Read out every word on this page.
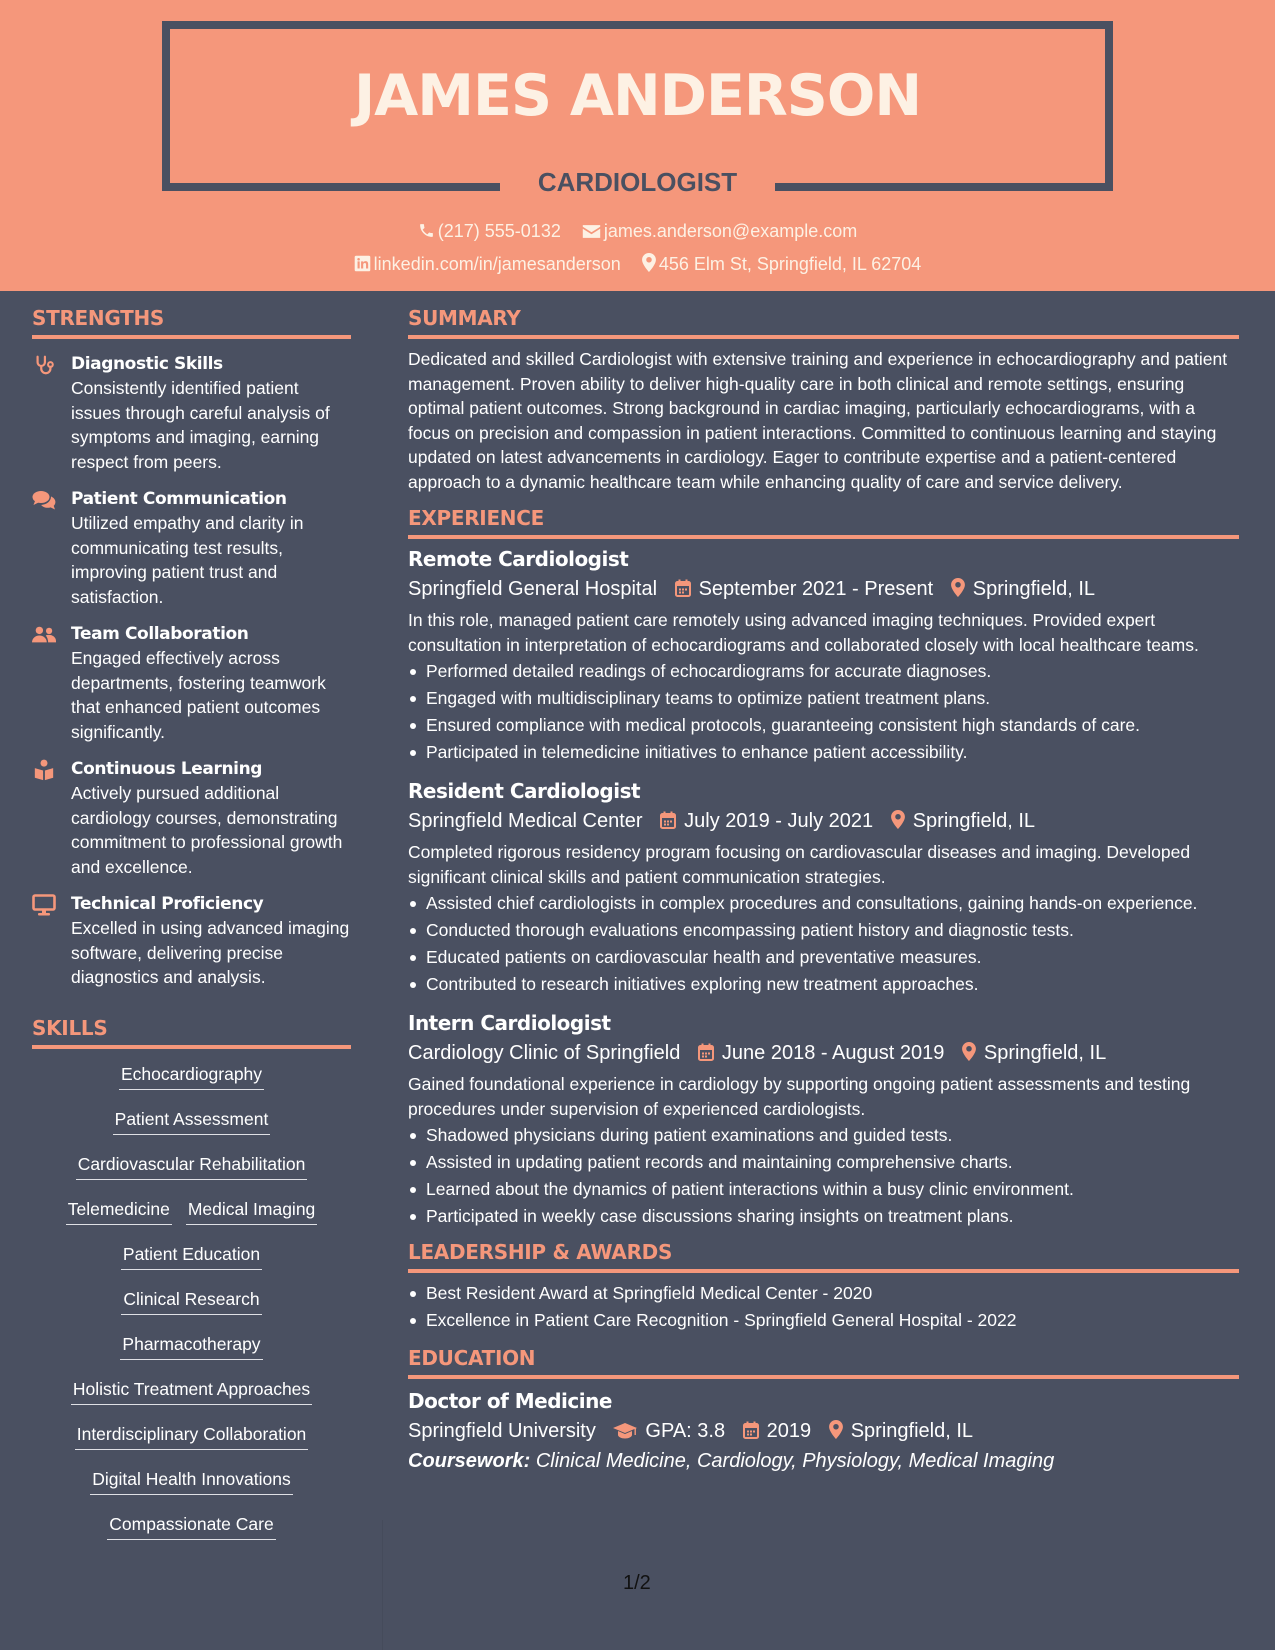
JAMES ANDERSON
CARDIOLOGIST
(217) 555-0132 james.anderson@example.com
linkedin.com/in/jamesanderson 456 Elm St, Springfield, IL 62704
STRENGTHS
Diagnostic Skills
Consistently identified patient issues through careful analysis of symptoms and imaging, earning respect from peers.
Patient Communication
Utilized empathy and clarity in communicating test results, improving patient trust and satisfaction.
Team Collaboration
Engaged effectively across departments, fostering teamwork that enhanced patient outcomes significantly.
Continuous Learning
Actively pursued additional cardiology courses, demonstrating commitment to professional growth and excellence.
Technical Proficiency
Excelled in using advanced imaging software, delivering precise diagnostics and analysis.
SKILLS
Echocardiography
Patient Assessment
Cardiovascular Rehabilitation
Telemedicine Medical Imaging
Patient Education
Clinical Research
Pharmacotherapy
Holistic Treatment Approaches
Interdisciplinary Collaboration
Digital Health Innovations
Compassionate Care
SUMMARY
Dedicated and skilled Cardiologist with extensive training and experience in echocardiography and patient management. Proven ability to deliver high-quality care in both clinical and remote settings, ensuring optimal patient outcomes. Strong background in cardiac imaging, particularly echocardiograms, with a focus on precision and compassion in patient interactions. Committed to continuous learning and staying updated on latest advancements in cardiology. Eager to contribute expertise and a patient-centered approach to a dynamic healthcare team while enhancing quality of care and service delivery.
EXPERIENCE
Remote Cardiologist
Springfield General Hospital September 2021 - Present Springfield, IL
In this role, managed patient care remotely using advanced imaging techniques. Provided expert consultation in interpretation of echocardiograms and collaborated closely with local healthcare teams.
Performed detailed readings of echocardiograms for accurate diagnoses.
Engaged with multidisciplinary teams to optimize patient treatment plans.
Ensured compliance with medical protocols, guaranteeing consistent high standards of care.
Participated in telemedicine initiatives to enhance patient accessibility.
Resident Cardiologist
Springfield Medical Center July 2019 - July 2021 Springfield, IL
Completed rigorous residency program focusing on cardiovascular diseases and imaging. Developed significant clinical skills and patient communication strategies.
Assisted chief cardiologists in complex procedures and consultations, gaining hands-on experience.
Conducted thorough evaluations encompassing patient history and diagnostic tests.
Educated patients on cardiovascular health and preventative measures.
Contributed to research initiatives exploring new treatment approaches.
Intern Cardiologist
Cardiology Clinic of Springfield June 2018 - August 2019 Springfield, IL
Gained foundational experience in cardiology by supporting ongoing patient assessments and testing procedures under supervision of experienced cardiologists.
Shadowed physicians during patient examinations and guided tests.
Assisted in updating patient records and maintaining comprehensive charts.
Learned about the dynamics of patient interactions within a busy clinic environment.
Participated in weekly case discussions sharing insights on treatment plans.
LEADERSHIP & AWARDS
Best Resident Award at Springfield Medical Center - 2020
Excellence in Patient Care Recognition - Springfield General Hospital - 2022
EDUCATION
Doctor of Medicine
Springfield University GPA: 3.8 2019 Springfield, IL
Coursework: Clinical Medicine, Cardiology, Physiology, Medical Imaging
1/2
